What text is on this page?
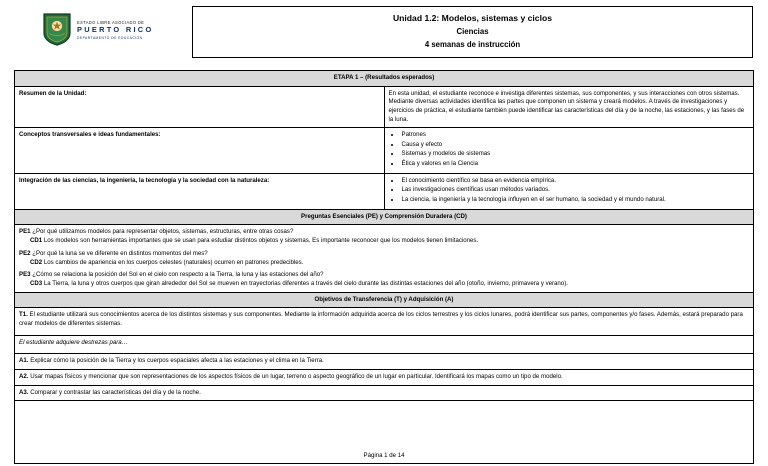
ESTADO LIBRE ASOCIADO DE
PUERTO RICO
DEPARTAMENTO DE EDUCACIÓN
Unidad 1.2: Modelos, sistemas y ciclos
Ciencias
4 semanas de instrucción
ETAPA 1 – (Resultados esperados)	
Resumen de la Unidad:	En esta unidad, el estudiante reconoce e investiga diferentes sistemas, sus componentes, y sus interacciones con otros sistemas. Mediante diversas actividades identifica las partes que componen un sistema y creará modelos. A través de investigaciones y ejercicios de práctica, el estudiante también puede identificar las características del día y de la noche, las estaciones, y las fases de la luna.
Conceptos transversales e ideas fundamentales:	
•Patrones
• Causa y efecto
• Sistemas y modelos de sistemas
• Ética y valores en la Ciencia

Integración de las ciencias, la ingeniería, la tecnología y la sociedad con la naturaleza:	
•El conocimiento científico se basa en evidencia empírica.
• Las investigaciones científicas usan métodos variados.
• La ciencia, la ingeniería y la tecnología influyen en el ser humano, la sociedad y el mundo natural.

Preguntas Esenciales (PE) y Comprensión Duradera (CD)	

PE1 ¿Por qué utilizamos modelos para representar objetos, sistemas, estructuras, entre otras cosas?
CD1 Los modelos son herramientas importantes que se usan para estudiar distintos objetos y sistemas. Es importante reconocer que los modelos tienen limitaciones.
PE2 ¿Por qué la luna se ve diferente en distintos momentos del mes?
CD2 Los cambios de apariencia en los cuerpos celestes (naturales) ocurren en patrones predecibles.
PE3 ¿Cómo se relaciona la posición del Sol en el cielo con respecto a la Tierra, la luna y las estaciones del año?
CD3 La Tierra, la luna y otros cuerpos que giran alrededor del Sol se mueven en trayectorias diferentes a través del cielo durante las distintas estaciones del año (otoño, invierno, primavera y verano).

Objetivos de Transferencia (T) y Adquisición (A)	

T1. El estudiante utilizará sus conocimientos acerca de los distintos sistemas y sus componentes. Mediante la información adquirida acerca de los ciclos terrestres y los ciclos lunares, podrá identificar sus partes, componentes y/o fases. Además, estará preparado para crear modelos de diferentes sistemas.	

El estudiante adquiere destrezas para…	

A1. Explicar cómo la posición de la Tierra y los cuerpos espaciales afecta a las estaciones y el clima en la Tierra.	

A2. Usar mapas físicos y mencionar que son representaciones de los aspectos físicos de un lugar, terreno o aspecto geográfico de un lugar en particular. Identificará los mapas como un tipo de modelo.	

A3. Comparar y contrastar las características del día y de la noche.	

Página 1 de 14
